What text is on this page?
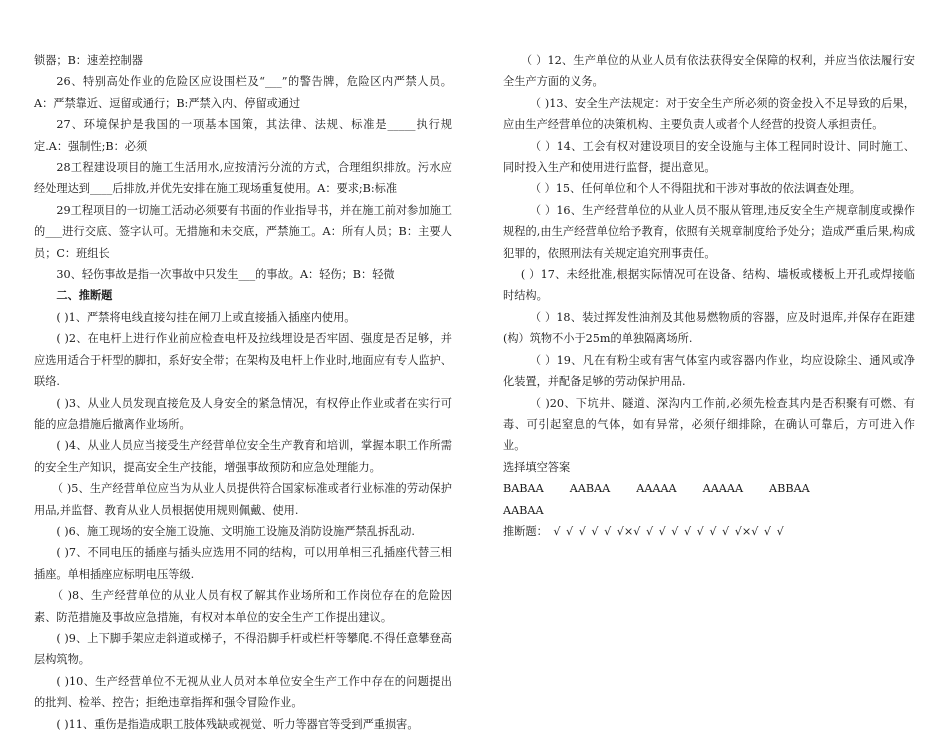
锁器；B：速差控制器

26、特别高处作业的危险区应设围栏及“___”的警告牌，危险区内严禁人员。A：严禁靠近、逗留或通行；B:严禁入内、停留或通过

27、环境保护是我国的一项基本国策，其法律、法规、标准是_____执行规定.A：强制性;B：必须

28工程建设项目的施工生活用水,应按清污分流的方式，合理组织排放。污水应经处理达到____后排放,并优先安排在施工现场重复使用。A：要求;B:标准

29工程项目的一切施工活动必须要有书面的作业指导书，并在施工前对参加施工的___进行交底、签字认可。无措施和未交底，严禁施工。A：所有人员；B：主要人员；C：班组长

30、轻伤事故是指一次事故中只发生___的事故。A：轻伤；B：轻微

二、推断题

( )1、严禁将电线直接勾挂在闸刀上或直接插入插座内使用。

( )2、在电杆上进行作业前应检查电杆及拉线埋设是否牢固、强度是否足够，并应选用适合于杆型的脚扣，系好安全带；在架构及电杆上作业时,地面应有专人监护、联络.

( )3、从业人员发现直接危及人身安全的紧急情况，有权停止作业或者在实行可能的应急措施后撤离作业场所。

( )4、从业人员应当接受生产经营单位安全生产教育和培训，掌握本职工作所需的安全生产知识，提高安全生产技能，增强事故预防和应急处理能力。

（ )5、生产经营单位应当为从业人员提供符合国家标准或者行业标准的劳动保护用品,并监督、教育从业人员根据使用规则佩戴、使用.

( )6、施工现场的安全施工设施、文明施工设施及消防设施严禁乱拆乱动.

( )7、不同电压的插座与插头应选用不同的结构，可以用单相三孔插座代替三相插座。单相插座应标明电压等级.

（ )8、生产经营单位的从业人员有权了解其作业场所和工作岗位存在的危险因素、防范措施及事故应急措施，有权对本单位的安全生产工作提出建议。

( )9、上下脚手架应走斜道或梯子，不得沿脚手杆或栏杆等攀爬.不得任意攀登高层构筑物。

( )10、生产经营单位不无视从业人员对本单位安全生产工作中存在的问题提出的批判、检举、控告；拒绝违章指挥和强令冒险作业。

( )11、重伤是指造成职工肢体残缺或视觉、听力等器官等受到严重损害。

（ ）12、生产单位的从业人员有依法获得安全保障的权利，并应当依法履行安全生产方面的义务。

（ )13、安全生产法规定：对于安全生产所必须的资金投入不足导致的后果，应由生产经营单位的决策机构、主要负责人或者个人经营的投资人承担责任。

（ ）14、工会有权对建设项目的安全设施与主体工程同时设计、同时施工、同时投入生产和使用进行监督，提出意见。

（ ）15、任何单位和个人不得阻扰和干涉对事故的依法调查处理。

（ ）16、生产经营单位的从业人员不服从管理,违反安全生产规章制度或操作规程的,由生产经营单位给予教育，依照有关规章制度给予处分；造成严重后果,构成犯罪的，依照刑法有关规定追究刑事责任。

( ）17、未经批准,根据实际情况可在设备、结构、墙板或楼板上开孔或焊接临时结构。

（ ）18、装过挥发性油剂及其他易燃物质的容器，应及时退库,并保存在距建(构）筑物不小于25m的单独隔离场所.

（ ）19、凡在有粉尘或有害气体室内或容器内作业，均应设除尘、通风或净化装置，并配备足够的劳动保护用品.

（ )20、下坑井、隧道、深沟内工作前,必须先检查其内是否积聚有可燃、有毒、可引起窒息的气体，如有异常，必须仔细排除，在确认可靠后，方可进入作业。

选择填空答案

BABAA AABAA AAAAA AAAAA ABBAA

AABAA

推断题： √ √ √ √ √ √×√ √ √ √ √ √ √ √ √×√ √ √
